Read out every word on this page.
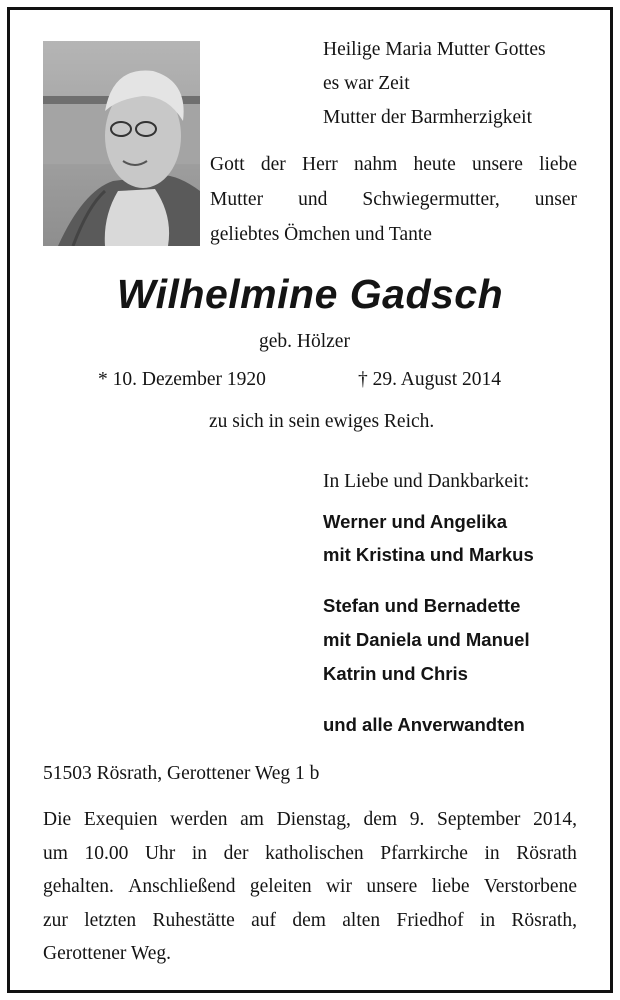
Heilige Maria Mutter Gottes
es war Zeit
Mutter der Barmherzigkeit
Gott der Herr nahm heute unsere liebe
Mutter und Schwiegermutter, unser
geliebtes Ömchen und Tante
Wilhelmine Gadsch
geb. Hölzer
* 10. Dezember 1920	† 29. August 2014
zu sich in sein ewiges Reich.
In Liebe und Dankbarkeit:
Werner und Angelika
mit Kristina und Markus
Stefan und Bernadette
mit Daniela und Manuel
Katrin und Chris
und alle Anverwandten
51503 Rösrath, Gerottener Weg 1 b
Die Exequien werden am Dienstag, dem 9. September 2014,
um 10.00 Uhr in der katholischen Pfarrkirche in Rösrath
gehalten. Anschließend geleiten wir unsere liebe Verstorbene
zur letzten Ruhestätte auf dem alten Friedhof in Rösrath,
Gerottener Weg.
